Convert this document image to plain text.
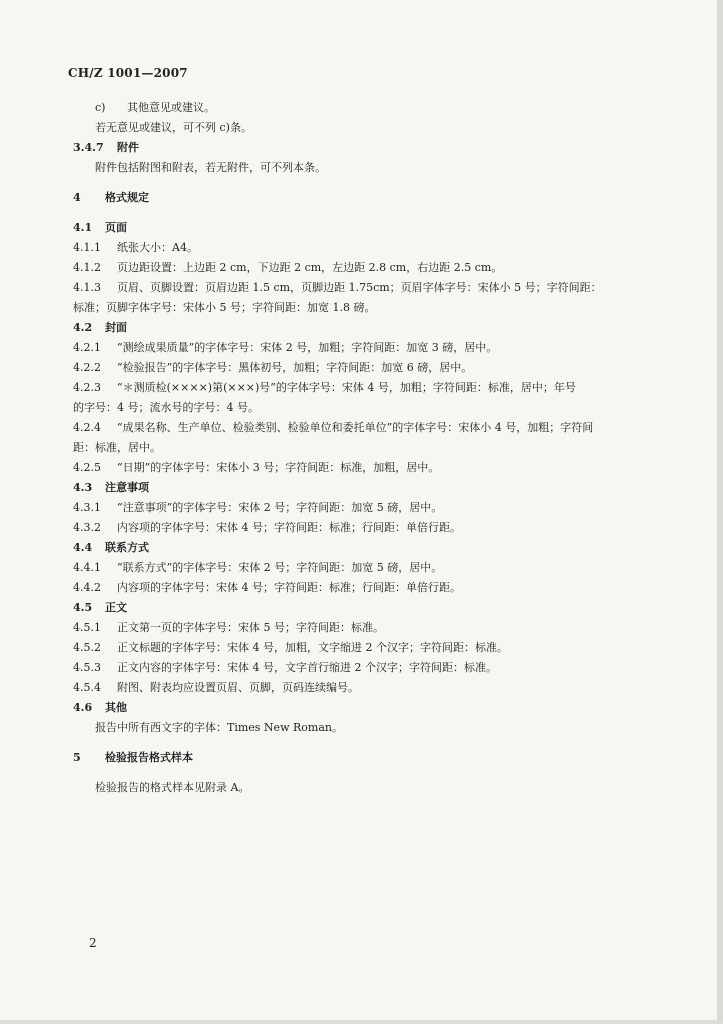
CH/Z 1001—2007
c) 其他意见或建议。
若无意见或建议，可不列 c)条。
3.4.7 附件
附件包括附图和附表，若无附件，可不列本条。
4 格式规定
4.1 页面
4.1.1 纸张大小：A4。
4.1.2 页边距设置：上边距 2 cm，下边距 2 cm，左边距 2.8 cm，右边距 2.5 cm。
4.1.3 页眉、页脚设置：页眉边距 1.5 cm，页脚边距 1.75cm；页眉字体字号：宋体小 5 号；字符间距：
标准；页脚字体字号：宋体小 5 号；字符间距：加宽 1.8 磅。
4.2 封面
4.2.1 “测绘成果质量”的字体字号：宋体 2 号，加粗；字符间距：加宽 3 磅，居中。
4.2.2 “检验报告”的字体字号：黑体初号，加粗；字符间距：加宽 6 磅，居中。
4.2.3 “＊测质检(××××)第(×××)号”的字体字号：宋体 4 号，加粗；字符间距：标准，居中；年号
的字号：4 号；流水号的字号：4 号。
4.2.4 “成果名称、生产单位、检验类别、检验单位和委托单位”的字体字号：宋体小 4 号，加粗；字符间
距：标准，居中。
4.2.5 “日期”的字体字号：宋体小 3 号；字符间距：标准，加粗，居中。
4.3 注意事项
4.3.1 “注意事项”的字体字号：宋体 2 号；字符间距：加宽 5 磅，居中。
4.3.2 内容项的字体字号：宋体 4 号；字符间距：标准；行间距：单倍行距。
4.4 联系方式
4.4.1 “联系方式”的字体字号：宋体 2 号；字符间距：加宽 5 磅，居中。
4.4.2 内容项的字体字号：宋体 4 号；字符间距：标准；行间距：单倍行距。
4.5 正文
4.5.1 正文第一页的字体字号：宋体 5 号；字符间距：标准。
4.5.2 正文标题的字体字号：宋体 4 号，加粗，文字缩进 2 个汉字；字符间距：标准。
4.5.3 正文内容的字体字号：宋体 4 号，文字首行缩进 2 个汉字；字符间距：标准。
4.5.4 附图、附表均应设置页眉、页脚，页码连续编号。
4.6 其他
报告中所有西文字的字体：Times New Roman。
5 检验报告格式样本
检验报告的格式样本见附录 A。
2
